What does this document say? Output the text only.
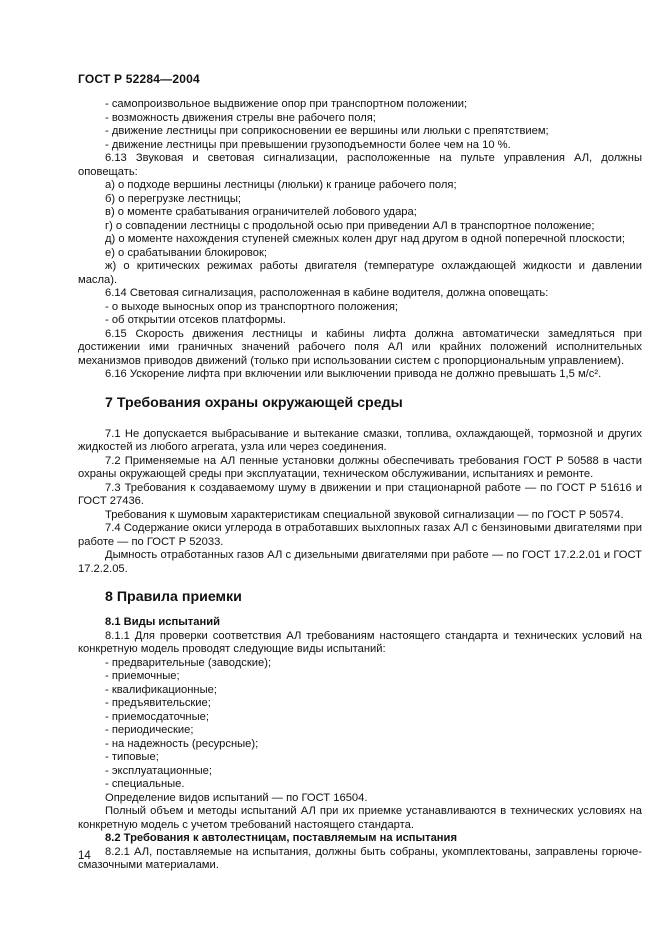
ГОСТ Р 52284—2004

- самопроизвольное выдвижение опор при транспортном положении;

- возможность движения стрелы вне рабочего поля;

- движение лестницы при соприкосновении ее вершины или люльки с препятствием;

- движение лестницы при превышении грузоподъемности более чем на 10 %.

6.13 Звуковая и световая сигнализации, расположенные на пульте управления АЛ, должны оповещать:

а) о подходе вершины лестницы (люльки) к границе рабочего поля;

б) о перегрузке лестницы;

в) о моменте срабатывания ограничителей лобового удара;

г) о совпадении лестницы с продольной осью при приведении АЛ в транспортное положение;

д) о моменте нахождения ступеней смежных колен друг над другом в одной поперечной плоскости;

е) о срабатывании блокировок;

ж) о критических режимах работы двигателя (температуре охлаждающей жидкости и давлении масла).

6.14 Световая сигнализация, расположенная в кабине водителя, должна оповещать:

- о выходе выносных опор из транспортного положения;

- об открытии отсеков платформы.

6.15 Скорость движения лестницы и кабины лифта должна автоматически замедляться при достижении ими граничных значений рабочего поля АЛ или крайних положений исполнительных механизмов приводов движений (только при использовании систем с пропорциональным управлением).

6.16 Ускорение лифта при включении или выключении привода не должно превышать 1,5 м/с².

7 Требования охраны окружающей среды

7.1 Не допускается выбрасывание и вытекание смазки, топлива, охлаждающей, тормозной и других жидкостей из любого агрегата, узла или через соединения.

7.2 Применяемые на АЛ пенные установки должны обеспечивать требования ГОСТ Р 50588 в части охраны окружающей среды при эксплуатации, техническом обслуживании, испытаниях и ремонте.

7.3 Требования к создаваемому шуму в движении и при стационарной работе — по ГОСТ Р 51616 и ГОСТ 27436.

Требования к шумовым характеристикам специальной звуковой сигнализации — по ГОСТ Р 50574.

7.4 Содержание окиси углерода в отработавших выхлопных газах АЛ с бензиновыми двигателями при работе — по ГОСТ Р 52033.

Дымность отработанных газов АЛ с дизельными двигателями при работе — по ГОСТ 17.2.2.01 и ГОСТ 17.2.2.05.

8 Правила приемки

8.1 Виды испытаний

8.1.1 Для проверки соответствия АЛ требованиям настоящего стандарта и технических условий на конкретную модель проводят следующие виды испытаний:

- предварительные (заводские);

- приемочные;

- квалификационные;

- предъявительские;

- приемосдаточные;

- периодические;

- на надежность (ресурсные);

- типовые;

- эксплуатационные;

- специальные.

Определение видов испытаний — по ГОСТ 16504.

Полный объем и методы испытаний АЛ при их приемке устанавливаются в технических условиях на конкретную модель с учетом требований настоящего стандарта.

8.2 Требования к автолестницам, поставляемым на испытания

8.2.1 АЛ, поставляемые на испытания, должны быть собраны, укомплектованы, заправлены горюче-смазочными материалами.

14
